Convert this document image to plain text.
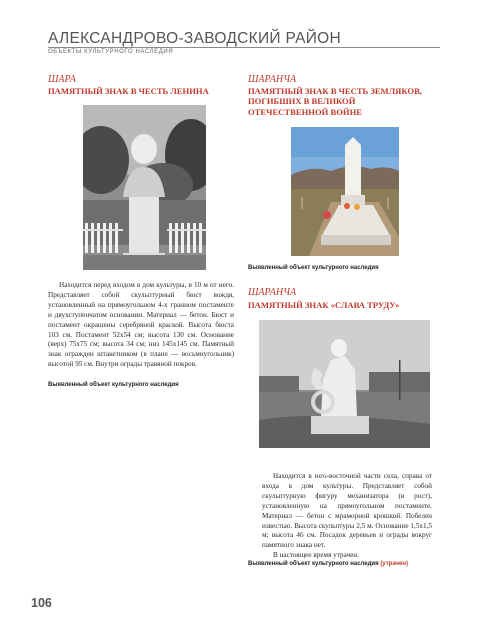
АЛЕКСАНДРОВО-ЗАВОДСКИЙ РАЙОН
ОБЪЕКТЫ КУЛЬТУРНОГО НАСЛЕДИЯ
ШАРА
ПАМЯТНЫЙ ЗНАК В ЧЕСТЬ ЛЕНИНА

Находится перед входом в дом культуры, в 10 м от него. Представляет собой скульптурный бюст вождя, установленный на прямоугольном 4-х гранном постаменте и двухступенчатом основании. Материал — бетон. Бюст и постамент окрашены серебряной краской. Высота бюста 103 см. Постамент 52х54 см; высота 130 см. Основание (верх) 75х75 см; высота 34 см; низ 145х145 см. Памятный знак огражден штакетником (в плане — восьмиугольник) высотой 95 см. Внутри ограды травяной покров.

Выявленный объект культурного наследия
ШАРАНЧА
ПАМЯТНЫЙ ЗНАК В ЧЕСТЬ ЗЕМЛЯКОВ, ПОГИБШИХ В ВЕЛИКОЙ ОТЕЧЕСТВЕННОЙ ВОЙНЕ
Выявленный объект культурного наследия
ШАРАНЧА
ПАМЯТНЫЙ ЗНАК «СЛАВА ТРУДУ»

Находится в юго-восточной части села, справа от входа в дом культуры. Представляет собой скульптурную фигуру механизатора (в рост), установленную на прямоугольном постаменте. Материал — бетон с мраморной крошкой. Побелен известью. Высота скульптуры 2,5 м. Основание 1,5х1,5 м; высота 46 см. Посадок деревьев и ограды вокруг памятного знака нет.

В настоящее время утрачен.

Выявленный объект культурного наследия (утрачен)
106
